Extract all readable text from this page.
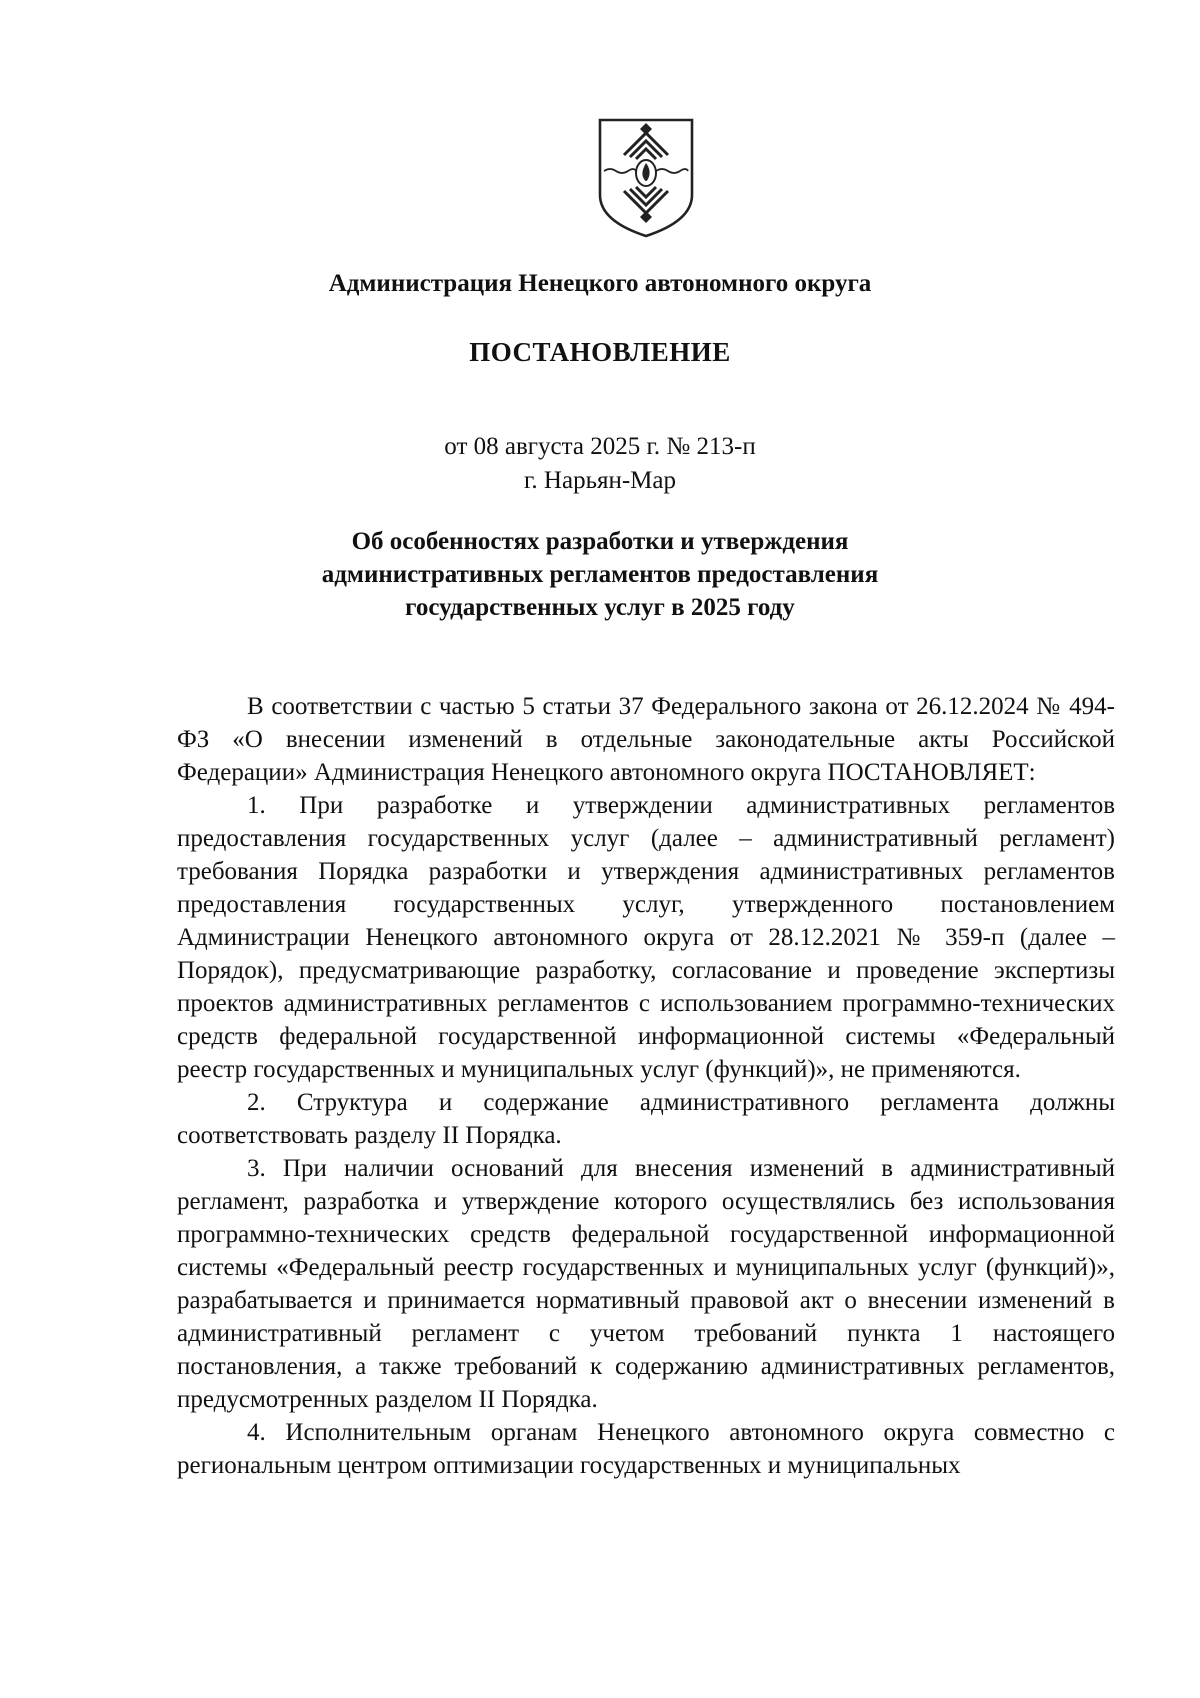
Администрация Ненецкого автономного округа
ПОСТАНОВЛЕНИЕ
от 08 августа 2025 г. № 213-п
г. Нарьян-Мар
Об особенностях разработки и утверждения
административных регламентов предоставления
государственных услуг в 2025 году

В соответствии с частью 5 статьи 37 Федерального закона от 26.12.2024 № 494-ФЗ «О внесении изменений в отдельные законодательные акты Российской Федерации» Администрация Ненецкого автономного округа ПОСТАНОВЛЯЕТ:

1. При разработке и утверждении административных регламентов предоставления государственных услуг (далее – административный регламент) требования Порядка разработки и утверждения административных регламентов предоставления государственных услуг, утвержденного постановлением Администрации Ненецкого автономного округа от 28.12.2021 № 359-п (далее – Порядок), предусматривающие разработку, согласование и проведение экспертизы проектов административных регламентов с использованием программно-технических средств федеральной государственной информационной системы «Федеральный реестр государственных и муниципальных услуг (функций)», не применяются.

2. Структура и содержание административного регламента должны соответствовать разделу II Порядка.

3. При наличии оснований для внесения изменений в административный регламент, разработка и утверждение которого осуществлялись без использования программно-технических средств федеральной государственной информационной системы «Федеральный реестр государственных и муниципальных услуг (функций)», разрабатывается и принимается нормативный правовой акт о внесении изменений в административный регламент с учетом требований пункта 1 настоящего постановления, а также требований к содержанию административных регламентов, предусмотренных разделом II Порядка.

4. Исполнительным органам Ненецкого автономного округа совместно с региональным центром оптимизации государственных и муниципальных
